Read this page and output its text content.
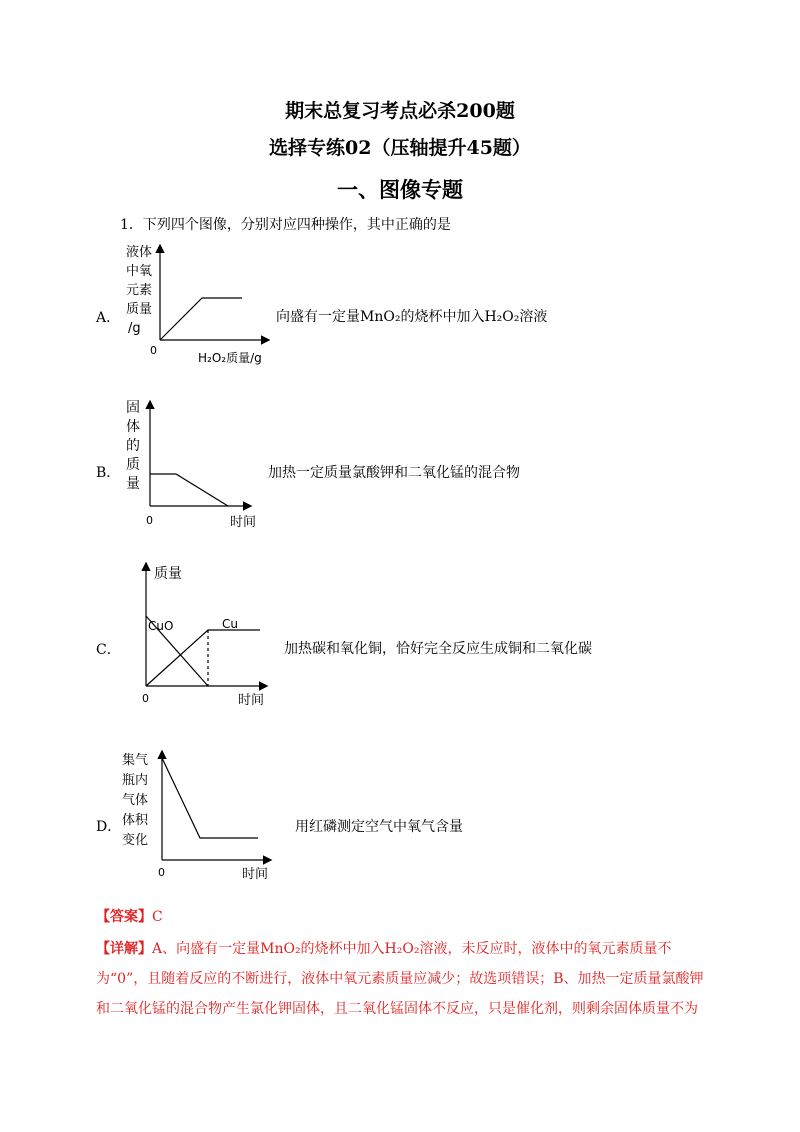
期末总复习考点必杀200题
选择专练02（压轴提升45题）
一、图像专题
1．下列四个图像，分别对应四种操作，其中正确的是
A．
液体
中氧
元素
质量
/g
0
H₂O₂质量/g
向盛有一定量MnO₂的烧杯中加入H₂O₂溶液
B．
固
体
的
质
量
0	时间
加热一定质量氯酸钾和二氧化锰的混合物
C．
质量
CuO	Cu
0	时间
加热碳和氧化铜，恰好完全反应生成铜和二氧化碳
D．
集气
瓶内
气体
体积
变化
0	时间
用红磷测定空气中氧气含量
【答案】C
【详解】A、向盛有一定量MnO₂的烧杯中加入H₂O₂溶液，未反应时，液体中的氧元素质量不为“0”，且随着反应的不断进行，液体中氧元素质量应减少；故选项错误；B、加热一定质量氯酸钾和二氧化锰的混合物产生氯化钾固体，且二氧化锰固体不反应，只是催化剂，则剩余固体质量不为
